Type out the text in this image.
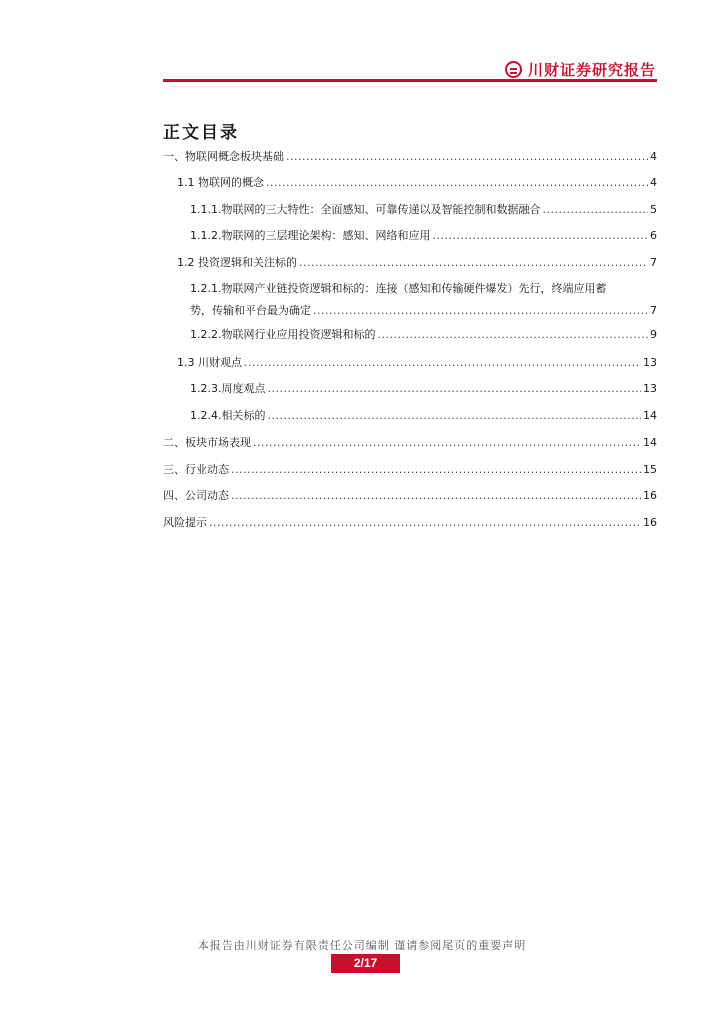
川财证券研究报告
正文目录
一、物联网概念板块基础 .....	4
1.1 物联网的概念 .....	4
1.1.1.物联网的三大特性：全面感知、可靠传递以及智能控制和数据融合 .....	5
1.1.2.物联网的三层理论架构：感知、网络和应用 .....	6
1.2 投资逻辑和关注标的 .....	7
1.2.1.物联网产业链投资逻辑和标的：连接（感知和传输硬件爆发）先行，终端应用蓄
势，传输和平台最为确定 .....	7
1.2.2.物联网行业应用投资逻辑和标的 .....	9
1.3 川财观点 .....	13
1.2.3.周度观点 .....	13
1.2.4.相关标的 .....	14
二、板块市场表现 .....	14
三、行业动态 .....	15
四、公司动态 .....	16
风险提示 .....	16
本报告由川财证券有限责任公司编制 谨请参阅尾页的重要声明
2/17
